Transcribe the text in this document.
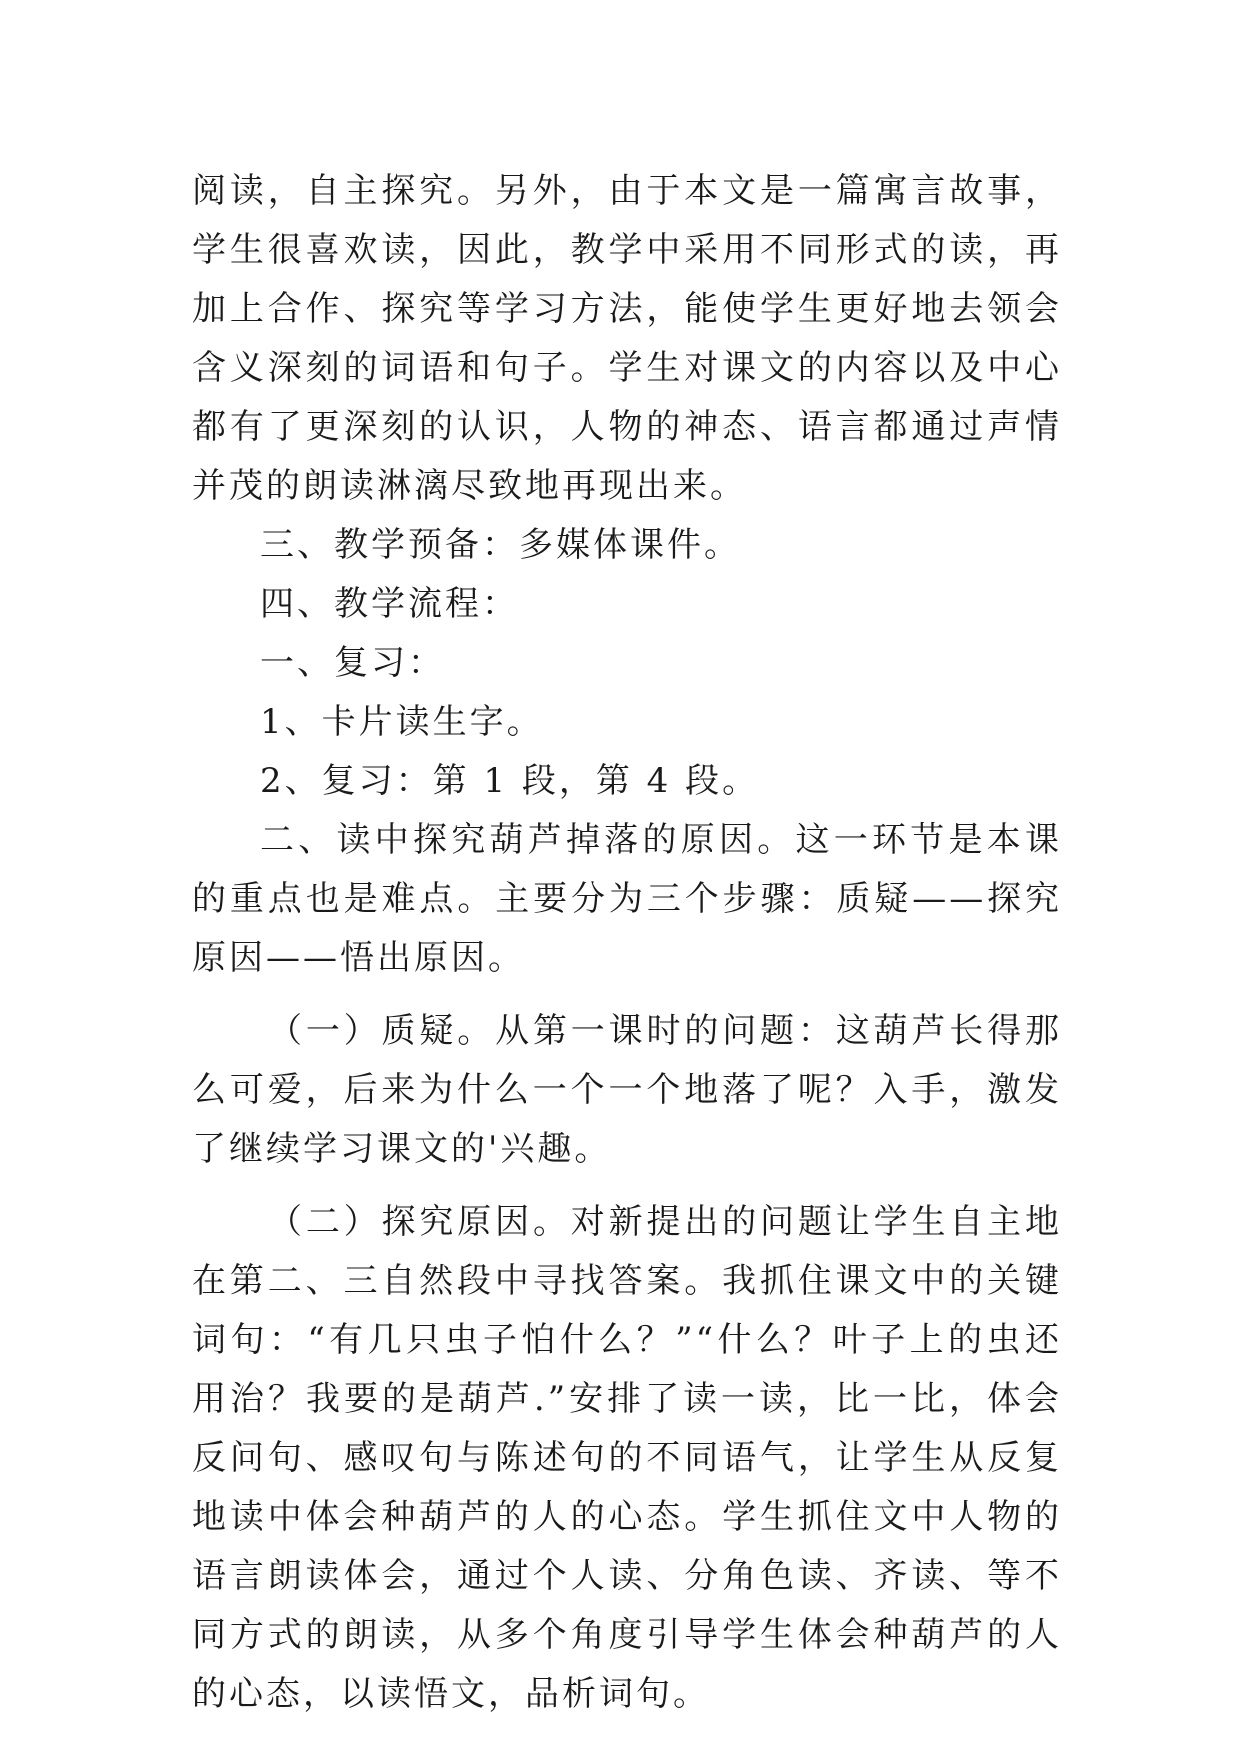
阅读，自主探究。另外，由于本文是一篇寓言故事，学生很喜欢读，因此，教学中采用不同形式的读，再加上合作、探究等学习方法，能使学生更好地去领会含义深刻的词语和句子。学生对课文的内容以及中心都有了更深刻的认识，人物的神态、语言都通过声情并茂的朗读淋漓尽致地再现出来。

三、教学预备：多媒体课件。

四、教学流程：

一、复习：

1、卡片读生字。

2、复习：第 1 段，第 4 段。

二、读中探究葫芦掉落的原因。这一环节是本课的重点也是难点。主要分为三个步骤：质疑——探究原因——悟出原因。

（一）质疑。从第一课时的问题：这葫芦长得那么可爱，后来为什么一个一个地落了呢？入手，激发了继续学习课文的'兴趣。

（二）探究原因。对新提出的问题让学生自主地在第二、三自然段中寻找答案。我抓住课文中的关键词句：“有几只虫子怕什么？”“什么？叶子上的虫还用治？我要的是葫芦.”安排了读一读，比一比，体会反问句、感叹句与陈述句的不同语气，让学生从反复地读中体会种葫芦的人的心态。学生抓住文中人物的语言朗读体会，通过个人读、分角色读、齐读、等不同方式的朗读，从多个角度引导学生体会种葫芦的人的心态，以读悟文，品析词句。
